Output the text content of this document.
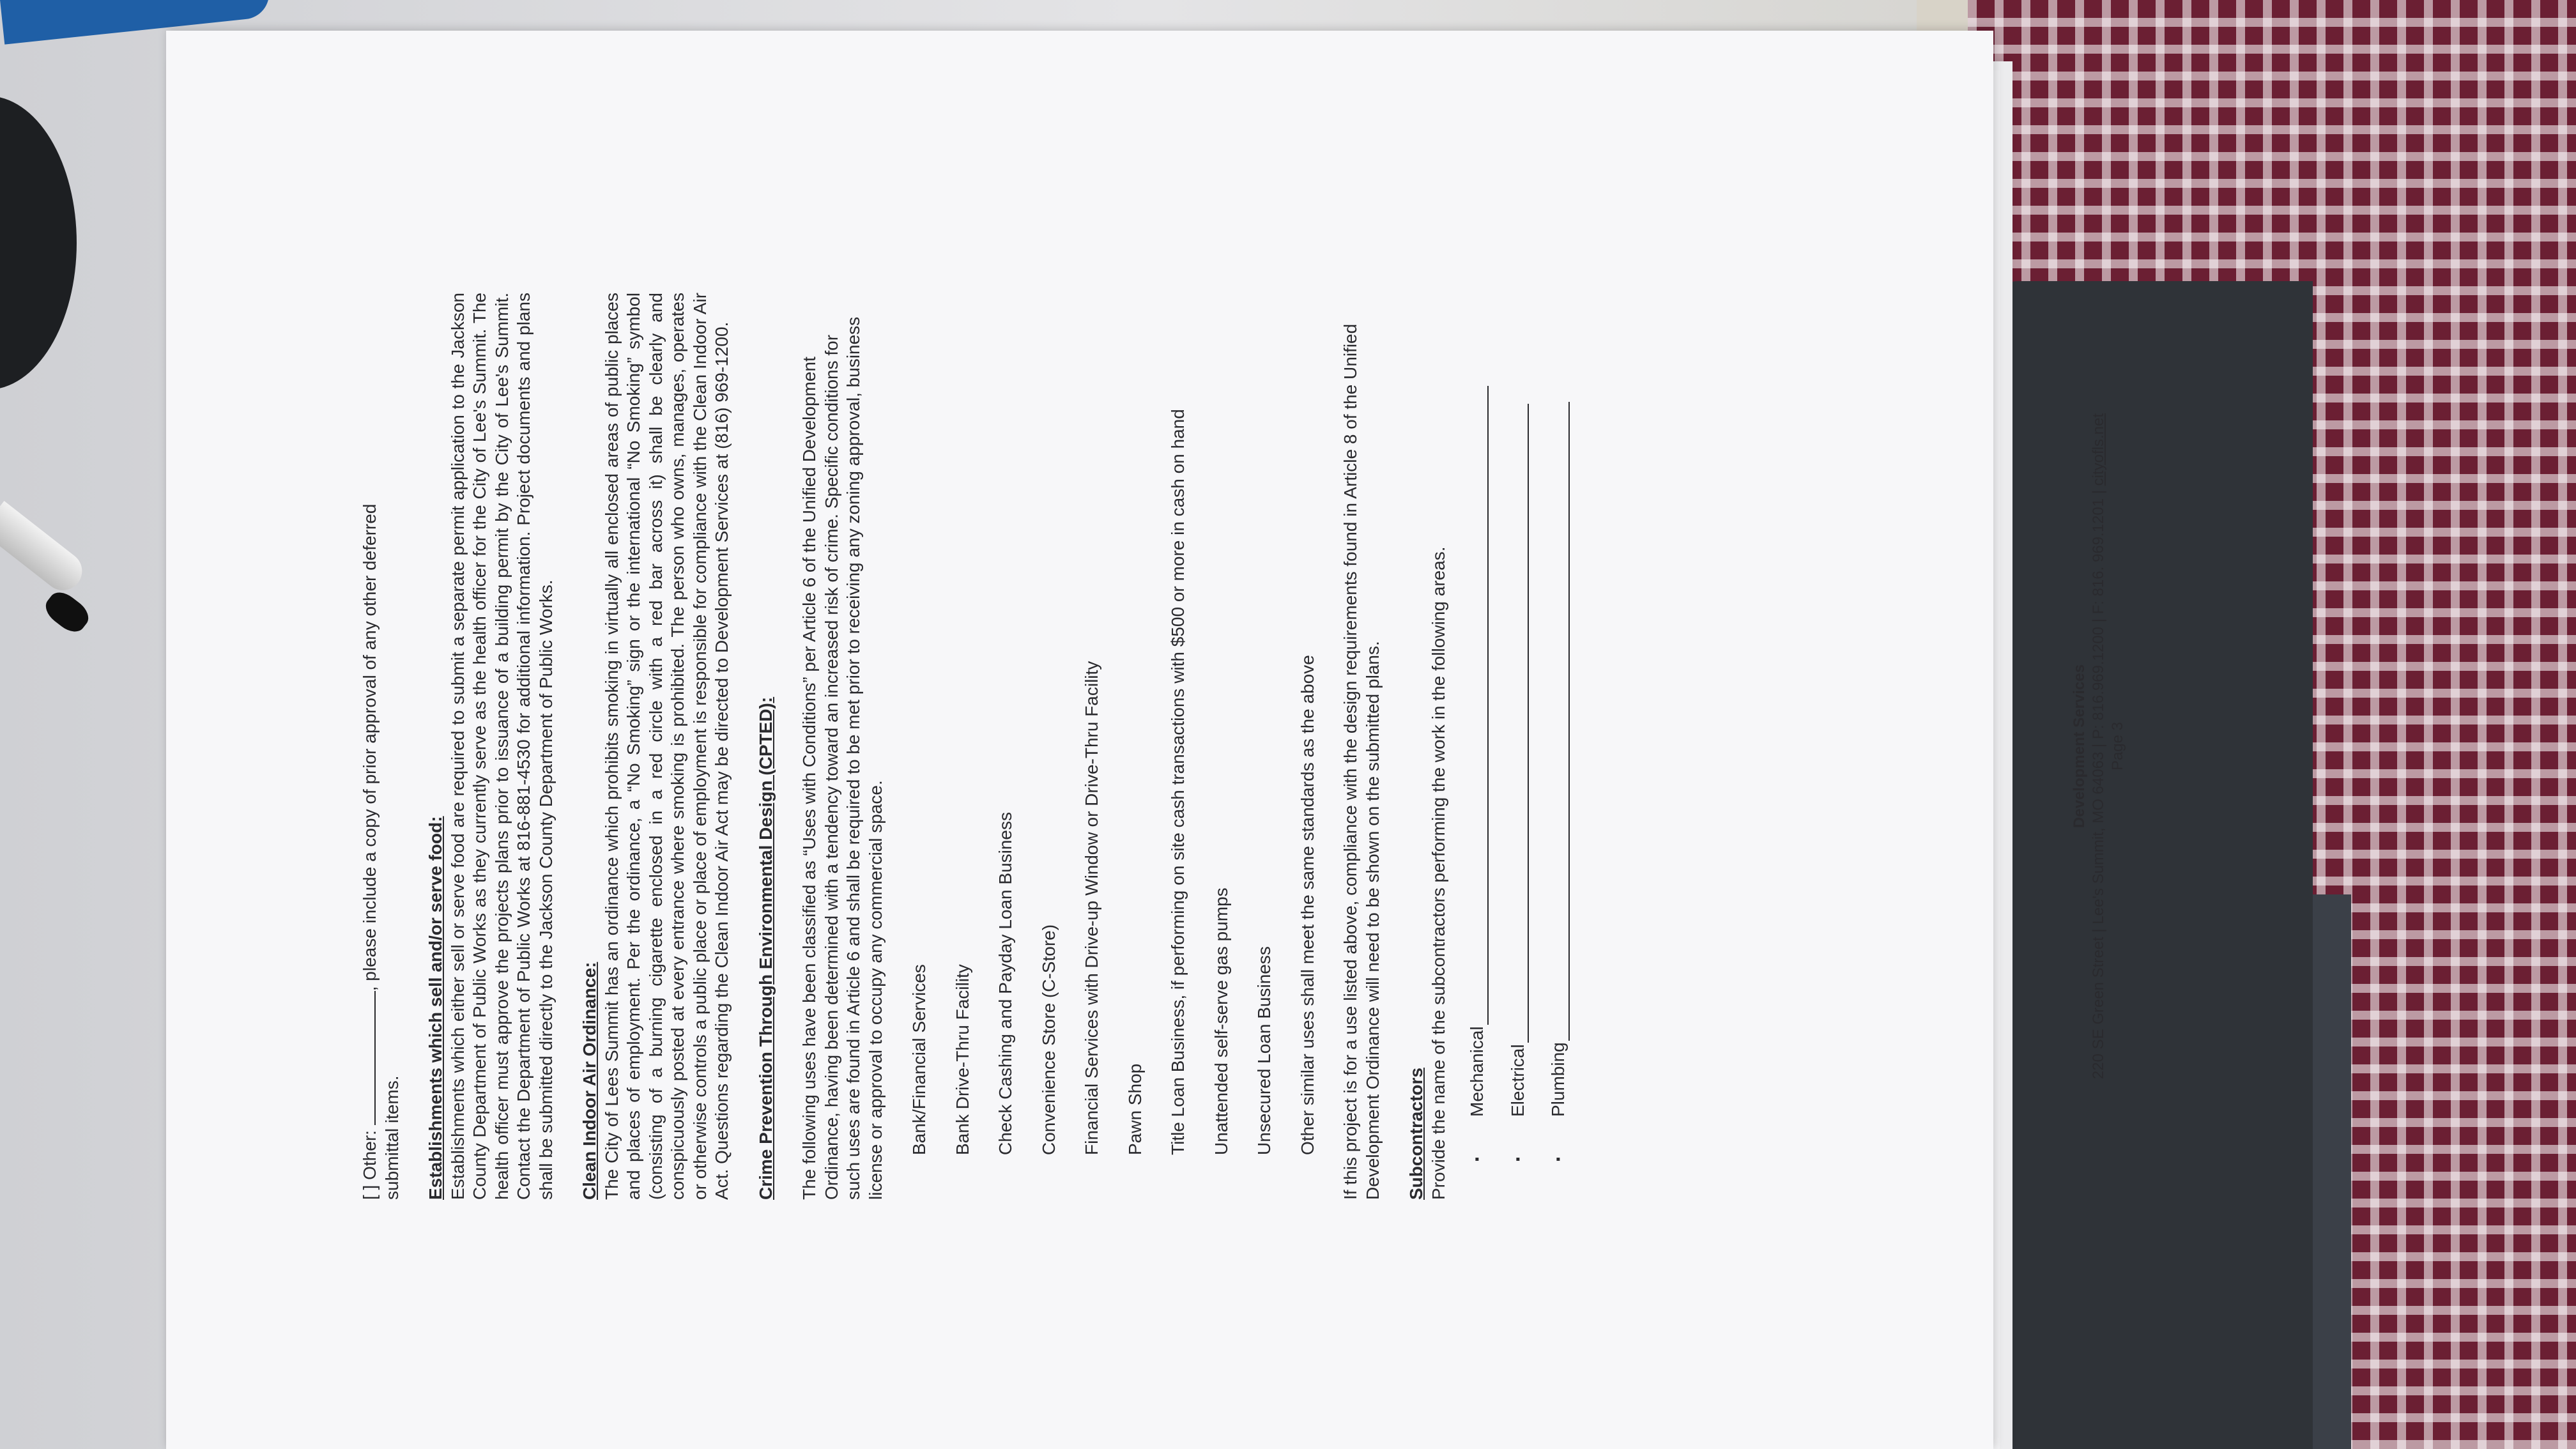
[ ] Other: , please include a copy of prior approval of any other deferred
submittal items. Establishments which sell and/or serve food: Establishments which either sell or serve food are required to submit a separate permit application to the Jackson County Department of Public Works as they currently serve as the health officer for the City of Lee's Summit. The health officer must approve the projects plans prior to issuance of a building permit by the City of Lee's Summit. Contact the Department of Public Works at 816-881-4530 for additional information. Project documents and plans shall be submitted directly to the Jackson County Department of Public Works. Clean Indoor Air Ordinance: The City of Lees Summit has an ordinance which prohibits smoking in virtually all enclosed areas of public places and places of employment. Per the ordinance, a “No Smoking” sign or the international “No Smoking” symbol (consisting of a burning cigarette enclosed in a red circle with a red bar across it) shall be clearly and conspicuously posted at every entrance where smoking is prohibited. The person who owns, manages, operates or otherwise controls a public place or place of employment is responsible for compliance with the Clean Indoor Air Act. Questions regarding the Clean Indoor Air Act may be directed to Development Services at (816) 969-1200. Crime Prevention Through Environmental Design (CPTED): The following uses have been classified as “Uses with Conditions” per Article 6 of the Unified Development Ordinance, having been determined with a tendency toward an increased risk of crime. Specific conditions for such uses are found in Article 6 and shall be required to be met prior to receiving any zoning approval, business license or approval to occupy any commercial space. Bank/Financial Services Bank Drive-Thru Facility Check Cashing and Payday Loan Business Convenience Store (C-Store) Financial Services with Drive-up Window or Drive-Thru Facility Pawn Shop Title Loan Business, if performing on site cash transactions with $500 or more in cash on hand Unattended self-serve gas pumps Unsecured Loan Business Other similar uses shall meet the same standards as the above If this project is for a use listed above, compliance with the design requirements found in Article 8 of the Unified Development Ordinance will need to be shown on the submitted plans. Subcontractors Provide the name of the subcontractors performing the work in the following areas.	▪
Mechanical
▪
Electrical
▪
Plumbing
Development Services 220 SE Green Street | Lee's Summit, MO 64063 | P: 816.969.1200 | F: 816. 969.1201 | cityofls.net
Page 3
